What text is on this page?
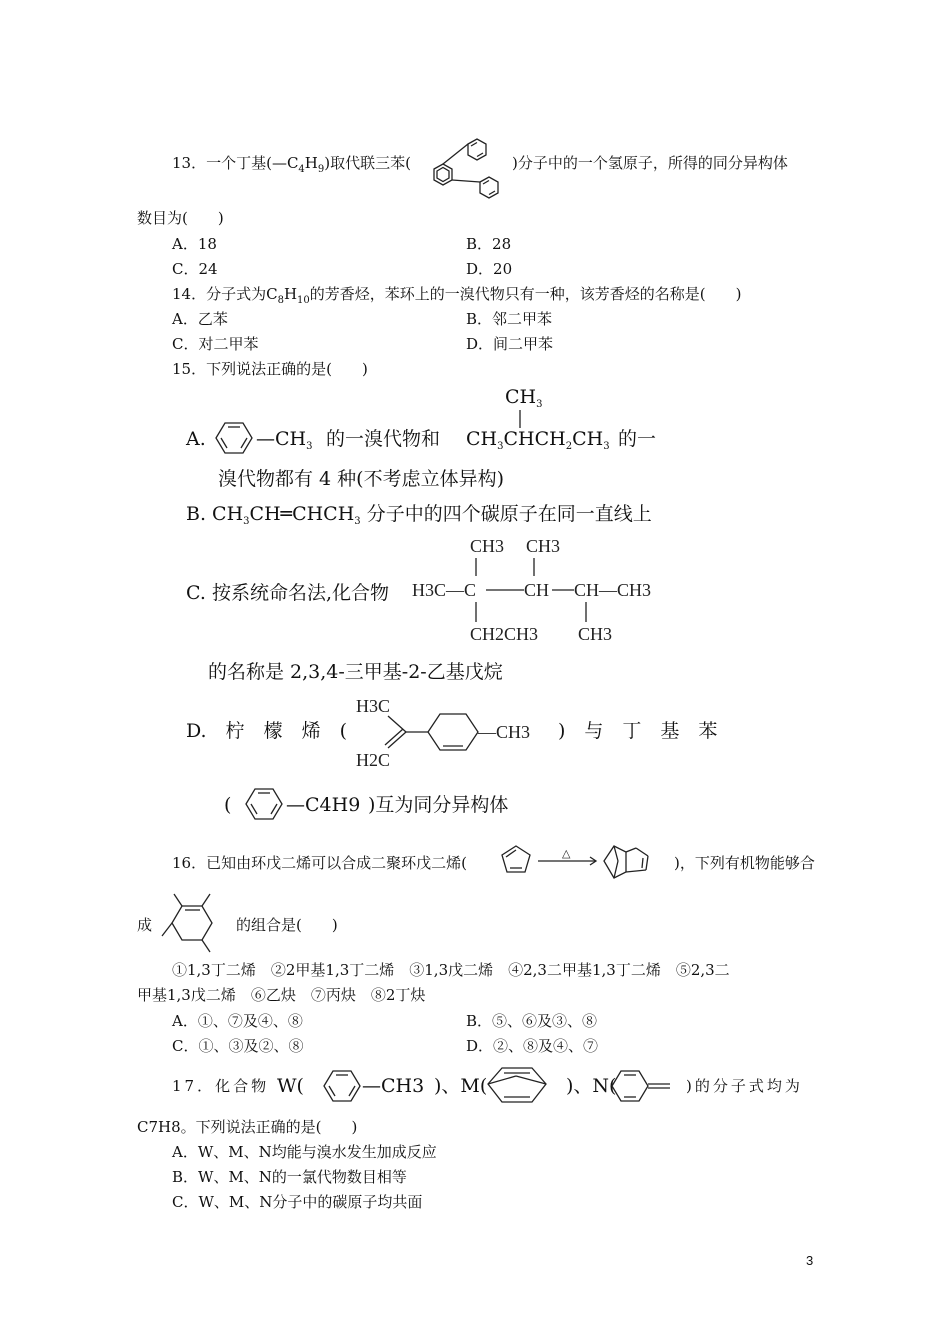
13．一个丁基$(—C_4H_9)$取代联三苯(	)分子中的一个氢原子，所得的同分异构体
数目为(　　)
A．18	B．28
C．24	D．20
14．分子式为$C_8H_{10}$的芳香烃，苯环上的一溴代物只有一种，该芳香烃的名称是(　　)
A．乙苯	B．邻二甲苯
C．对二甲苯	D．间二甲苯
15．下列说法正确的是(　　)
A.	$—CH_3$ 的一溴代物和
$CH_3$
$CH_3CHCH_2CH_3$ 的一
溴代物都有 4 种(不考虑立体异构)
B. $CH_3CH═CHCH_3$ 分子中的四个碳原子在同一直线上
C. 按系统命名法,化合物
CH3 CH3
H3C—C	CH CH—CH3
CH2CH3 CH3
的名称是 2,3,4-三甲基-2-乙基戊烷
D.　柠　檬　烯　(
H3C
H2C
—CH3 )　与　丁　基　苯
(	—C4H9 )互为同分异构体
16．已知由环戊二烯可以合成二聚环戊二烯(	△	)，下列有机物能够合
成	的组合是(　　)
①1,3丁二烯　②2甲基1,3丁二烯　③1,3戊二烯　④2,3二甲基1,3丁二烯　⑤2,3二
甲基1,3戊二烯　⑥乙炔　⑦丙炔　⑧2丁炔
A．①、⑦及④、⑧	B．⑤、⑥及③、⑧
C．①、③及②、⑧	D．②、⑧及④、⑦
17．化合物 W(	—CH3 )、M(	)、N(	)的分子式均为
C7H8。下列说法正确的是(　　)
A．W、M、N均能与溴水发生加成反应
B．W、M、N的一氯代物数目相等
C．W、M、N分子中的碳原子均共面
3
